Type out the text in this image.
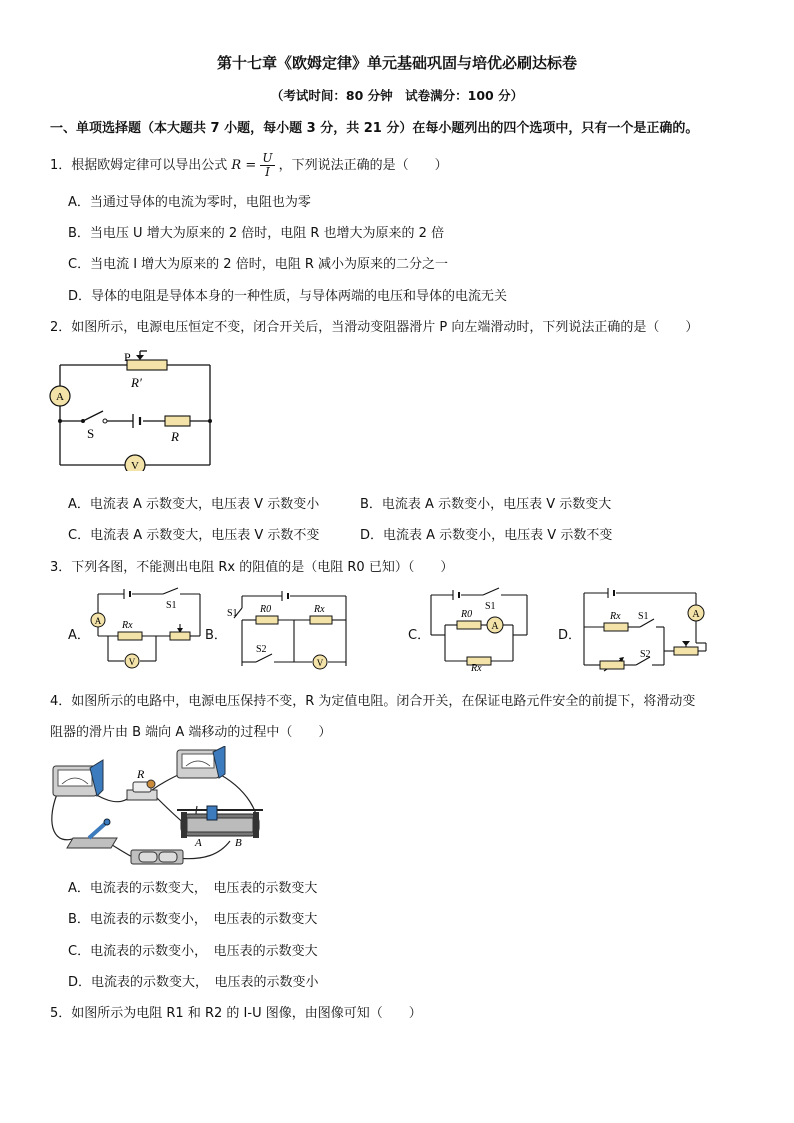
第十七章《欧姆定律》单元基础巩固与培优必刷达标卷
（考试时间：80 分钟　试卷满分：100 分）
一、单项选择题（本大题共 7 小题，每小题 3 分，共 21 分）在每小题列出的四个选项中，只有一个是正确的。
1．根据欧姆定律可以导出公式 $R = \frac{U}{I}$ ，下列说法正确的是（　　）
A．当通过导体的电流为零时，电阻也为零
B．当电压 U 增大为原来的 2 倍时，电阻 R 也增大为原来的 2 倍
C．当电流 I 增大为原来的 2 倍时，电阻 R 减小为原来的二分之一
D．导体的电阻是导体本身的一种性质，与导体两端的电压和导体的电流无关
2．如图所示，电源电压恒定不变，闭合开关后，当滑动变阻器滑片 P 向左端滑动时，下列说法正确的是（　　）
A
V
P
R′
S	R
A．电流表 A 示数变大，电压表 V 示数变小	B．电流表 A 示数变小，电压表 V 示数变大
C．电流表 A 示数变大，电压表 V 示数不变	D．电流表 A 示数变小，电压表 V 示数不变
3．下列各图，不能测出电阻 Rx 的阻值的是（电阻 R0 已知）（　　）
A．
A
V
S1
Rx
B．
V
S1
S2
R0	Rx
C．
A
S1
R0
Rx
D．
A
S1
S2
Rx
4．如图所示的电路中，电源电压保持不变，R 为定值电阻。闭合开关，在保证电路元件安全的前提下，将滑动变
阻器的滑片由 B 端向 A 端移动的过程中（　　）
R
A	B
A．电流表的示数变大，　电压表的示数变大
B．电流表的示数变小，　电压表的示数变大
C．电流表的示数变小，　电压表的示数变大
D．电流表的示数变大，　电压表的示数变小
5．如图所示为电阻 R1 和 R2 的 I-U 图像，由图像可知（　　）
